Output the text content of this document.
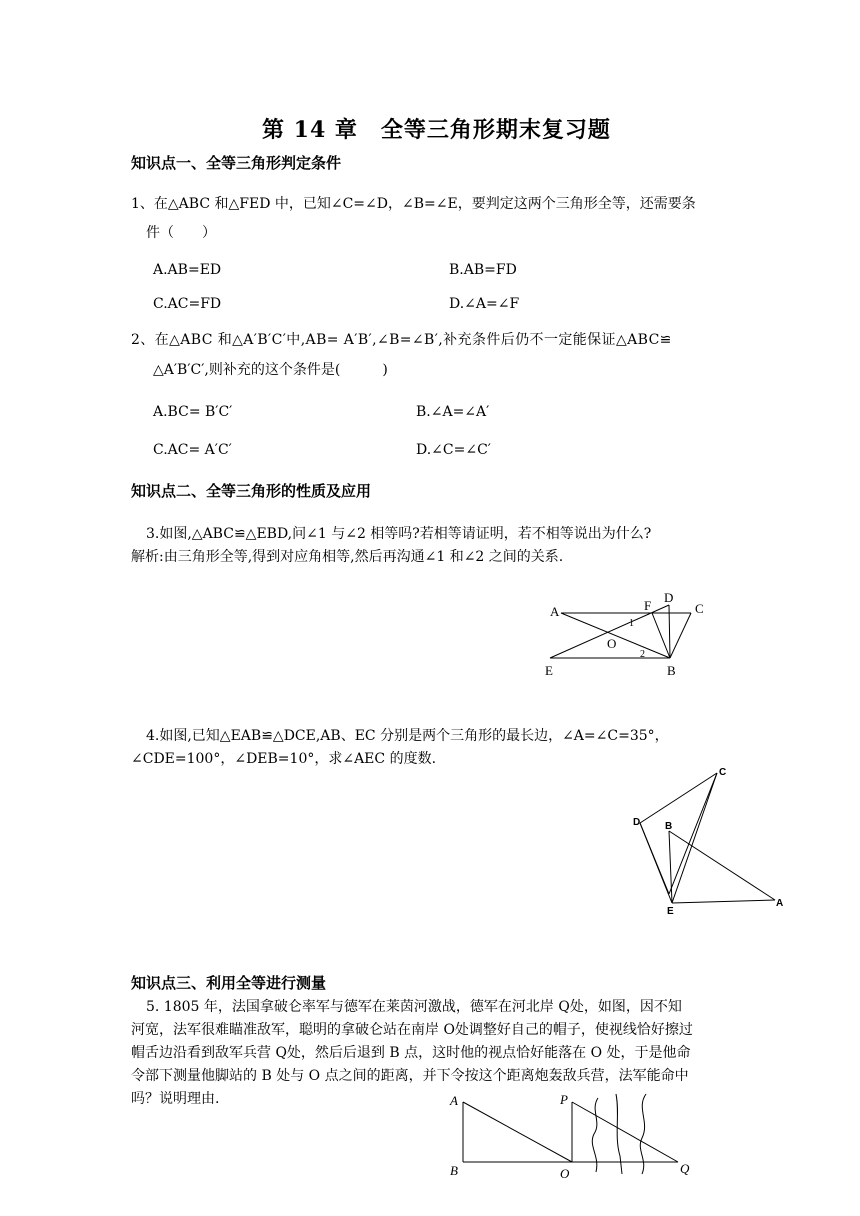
第 14 章　全等三角形期末复习题
知识点一、全等三角形判定条件
1、在△ABC 和△FED 中，已知∠C=∠D，∠B=∠E，要判定这两个三角形全等，还需要条
件（　　）
A.AB=ED	B.AB=FD
C.AC=FD	D.∠A=∠F
2、在△ABC 和△A′B′C′中,AB= A′B′,∠B=∠B′,补充条件后仍不一定能保证△ABC≌
△A′B′C′,则补充的这个条件是(　　　)
A.BC= B′C′	B.∠A=∠A′
C.AC= A′C′	D.∠C=∠C′
知识点二、全等三角形的性质及应用
3.如图,△ABC≌△EBD,问∠1 与∠2 相等吗?若相等请证明，若不相等说出为什么?
解析:由三角形全等,得到对应角相等,然后再沟通∠1 和∠2 之间的关系.
A	F
D
C
1
O
2
E	B
4.如图,已知△EAB≌△DCE,AB、EC 分别是两个三角形的最长边，∠A=∠C=35°，
∠CDE=100°，∠DEB=10°，求∠AEC 的度数.
C
D B
E
A
知识点三、利用全等进行测量
5. 1805 年，法国拿破仑率军与德军在莱茵河激战，德军在河北岸 Q处，如图，因不知
河宽，法军很难瞄准敌军，聪明的拿破仑站在南岸 O处调整好自己的帽子，使视线恰好擦过
帽舌边沿看到敌军兵营 Q处，然后后退到 B 点，这时他的视点恰好能落在 O 处，于是他命
令部下测量他脚站的 B 处与 O 点之间的距离，并下令按这个距离炮轰敌兵营，法军能命中
吗？说明理由.	A	P
B	O	Q
